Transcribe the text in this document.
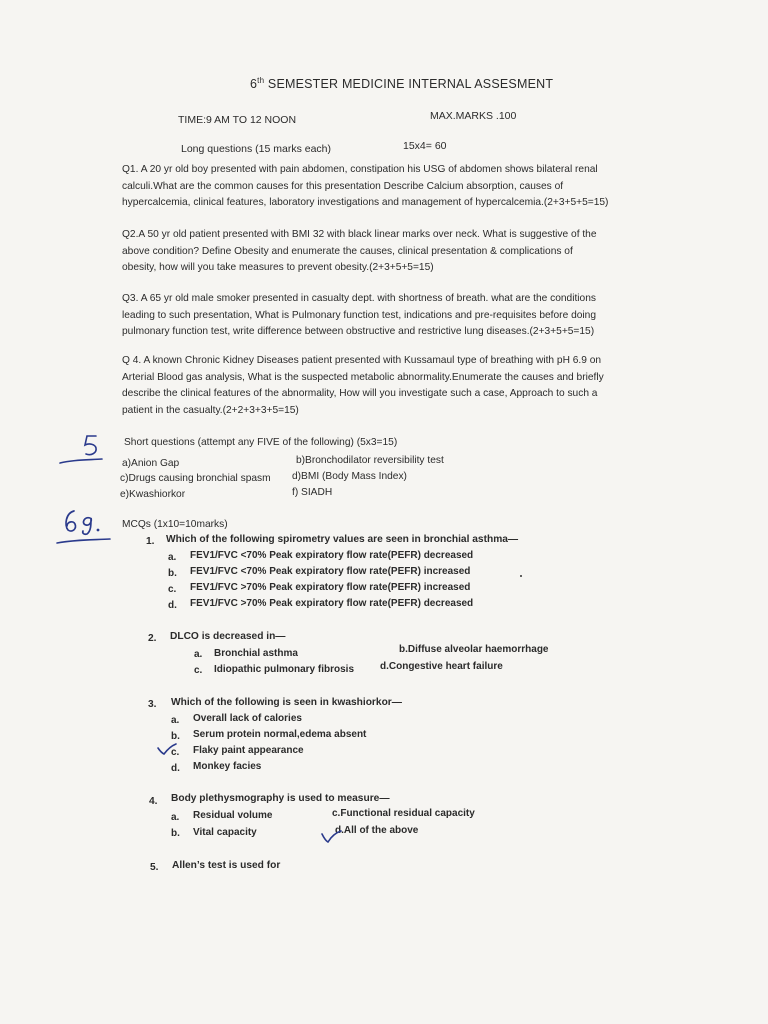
6th SEMESTER MEDICINE INTERNAL ASSESMENT
TIME:9 AM TO 12 NOON	MAX.MARKS .100
Long questions (15 marks each)	15x4= 60
Q1. A 20 yr old boy presented with pain abdomen, constipation his USG of abdomen shows bilateral renal
calculi.What are the common causes for this presentation Describe Calcium absorption, causes of
hypercalcemia, clinical features, laboratory investigations and management of hypercalcemia.(2+3+5+5=15)
Q2.A 50 yr old patient presented with BMI 32 with black linear marks over neck. What is suggestive of the
above condition? Define Obesity and enumerate the causes, clinical presentation & complications of
obesity, how will you take measures to prevent obesity.(2+3+5+5=15)
Q3. A 65 yr old male smoker presented in casualty dept. with shortness of breath. what are the conditions
leading to such presentation, What is Pulmonary function test, indications and pre-requisites before doing
pulmonary function test, write difference between obstructive and restrictive lung diseases.(2+3+5+5=15)
Q 4. A known Chronic Kidney Diseases patient presented with Kussamaul type of breathing with pH 6.9 on
Arterial Blood gas analysis, What is the suspected metabolic abnormality.Enumerate the causes and briefly
describe the clinical features of the abnormality, How will you investigate such a case, Approach to such a
patient in the casualty.(2+2+3+3+5=15)
Short questions (attempt any FIVE of the following) (5x3=15)
a)Anion Gap	b)Bronchodilator reversibility test
c)Drugs causing bronchial spasm d)BMI (Body Mass Index)
e)Kwashiorkor	f) SIADH
MCQs (1x10=10marks)
1. Which of the following spirometry values are seen in bronchial asthma—
a. FEV1/FVC <70% Peak expiratory flow rate(PEFR) decreased
b. FEV1/FVC <70% Peak expiratory flow rate(PEFR) increased
c. FEV1/FVC >70% Peak expiratory flow rate(PEFR) increased
d. FEV1/FVC >70% Peak expiratory flow rate(PEFR) decreased
2. DLCO is decreased in—
a. Bronchial asthma	b.Diffuse alveolar haemorrhage
c. Idiopathic pulmonary fibrosis	d.Congestive heart failure
3. Which of the following is seen in kwashiorkor—
a. Overall lack of calories
b. Serum protein normal,edema absent
c. Flaky paint appearance
d. Monkey facies
4. Body plethysmography is used to measure—
a. Residual volume	c.Functional residual capacity
b. Vital capacity	d.All of the above
5. Allen’s test is used for
